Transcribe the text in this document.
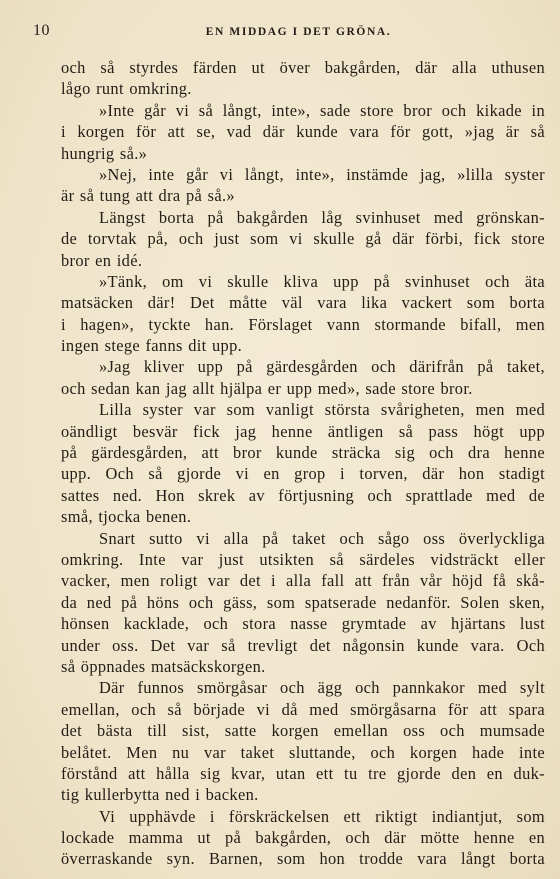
10	EN MIDDAG I DET GRÖNA.
och så styrdes färden ut över bakgården, där alla uthusen
lågo runt omkring.
»Inte går vi så långt, inte», sade store bror och kikade in
i korgen för att se, vad där kunde vara för gott, »jag är så
hungrig så.»
»Nej, inte går vi långt, inte», instämde jag, »lilla syster
är så tung att dra på så.»
Längst borta på bakgården låg svinhuset med grönskan-
de torvtak på, och just som vi skulle gå där förbi, fick store
bror en idé.
»Tänk, om vi skulle kliva upp på svinhuset och äta
matsäcken där! Det måtte väl vara lika vackert som borta
i hagen», tyckte han. Förslaget vann stormande bifall, men
ingen stege fanns dit upp.
»Jag kliver upp på gärdesgården och därifrån på taket,
och sedan kan jag allt hjälpa er upp med», sade store bror.
Lilla syster var som vanligt största svårigheten, men med
oändligt besvär fick jag henne äntligen så pass högt upp
på gärdesgården, att bror kunde sträcka sig och dra henne
upp. Och så gjorde vi en grop i torven, där hon stadigt
sattes ned. Hon skrek av förtjusning och sprattlade med de
små, tjocka benen.
Snart sutto vi alla på taket och sågo oss överlyckliga
omkring. Inte var just utsikten så särdeles vidsträckt eller
vacker, men roligt var det i alla fall att från vår höjd få skå-
da ned på höns och gäss, som spatserade nedanför. Solen sken,
hönsen kacklade, och stora nasse grymtade av hjärtans lust
under oss. Det var så trevligt det någonsin kunde vara. Och
så öppnades matsäckskorgen.
Där funnos smörgåsar och ägg och pannkakor med sylt
emellan, och så började vi då med smörgåsarna för att spara
det bästa till sist, satte korgen emellan oss och mumsade
belåtet. Men nu var taket sluttande, och korgen hade inte
förstånd att hålla sig kvar, utan ett tu tre gjorde den en duk-
tig kullerbytta ned i backen.
Vi upphävde i förskräckelsen ett riktigt indiantjut, som
lockade mamma ut på bakgården, och där mötte henne en
överraskande syn. Barnen, som hon trodde vara långt borta
